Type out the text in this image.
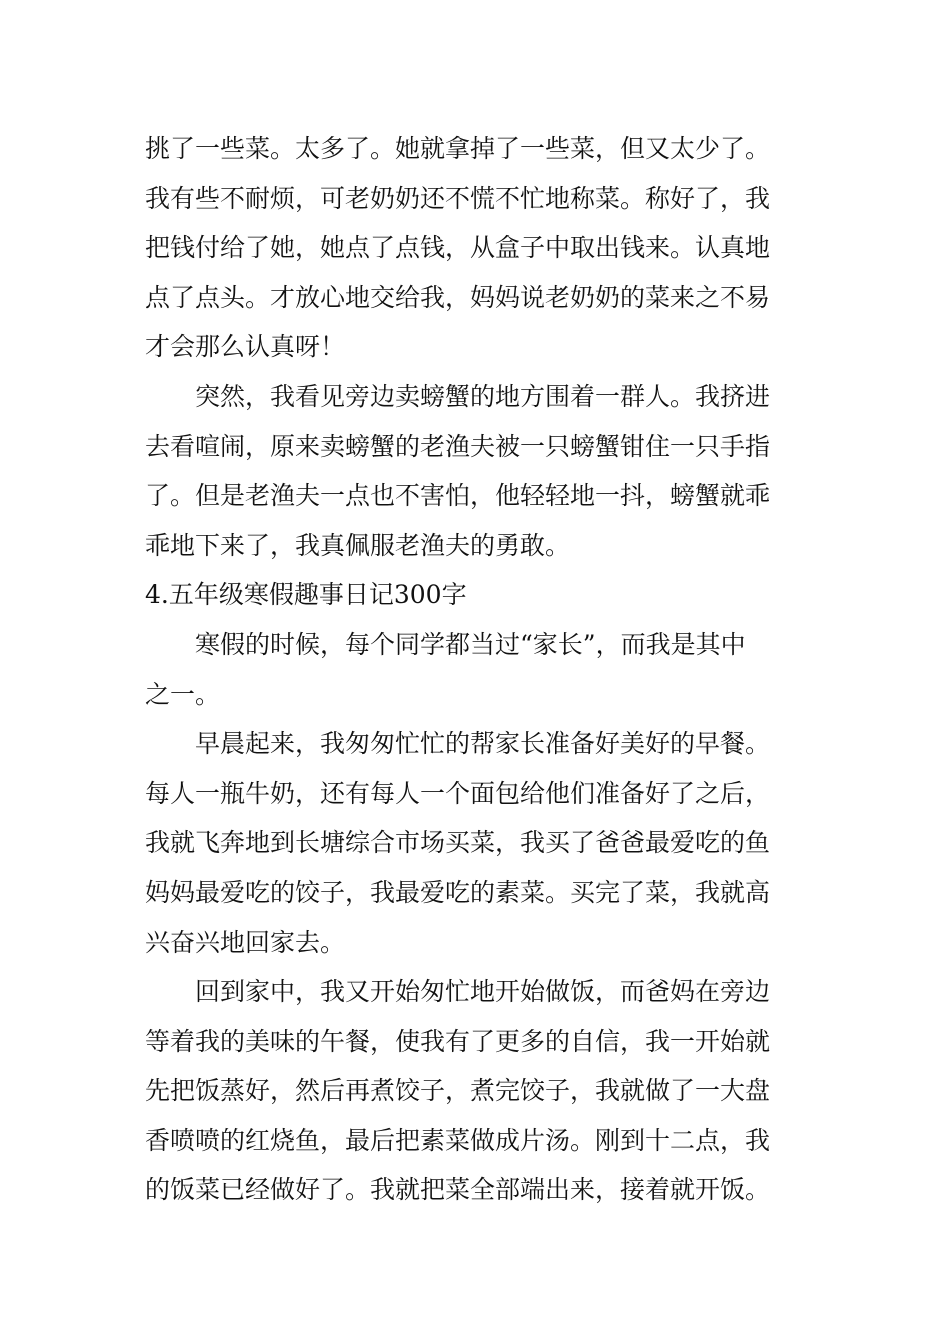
挑了一些菜。太多了。她就拿掉了一些菜，但又太少了。
我有些不耐烦，可老奶奶还不慌不忙地称菜。称好了，我
把钱付给了她，她点了点钱，从盒子中取出钱来。认真地
点了点头。才放心地交给我，妈妈说老奶奶的菜来之不易
才会那么认真呀！
　　突然，我看见旁边卖螃蟹的地方围着一群人。我挤进
去看喧闹，原来卖螃蟹的老渔夫被一只螃蟹钳住一只手指
了。但是老渔夫一点也不害怕，他轻轻地一抖，螃蟹就乖
乖地下来了，我真佩服老渔夫的勇敢。
4.五年级寒假趣事日记300字
　　寒假的时候，每个同学都当过“家长”，而我是其中
之一。
　　早晨起来，我匆匆忙忙的帮家长准备好美好的早餐。
每人一瓶牛奶，还有每人一个面包给他们准备好了之后，
我就飞奔地到长塘综合市场买菜，我买了爸爸最爱吃的鱼
妈妈最爱吃的饺子，我最爱吃的素菜。买完了菜，我就高
兴奋兴地回家去。
　　回到家中，我又开始匆忙地开始做饭，而爸妈在旁边
等着我的美味的午餐，使我有了更多的自信，我一开始就
先把饭蒸好，然后再煮饺子，煮完饺子，我就做了一大盘
香喷喷的红烧鱼，最后把素菜做成片汤。刚到十二点，我
的饭菜已经做好了。我就把菜全部端出来，接着就开饭。
